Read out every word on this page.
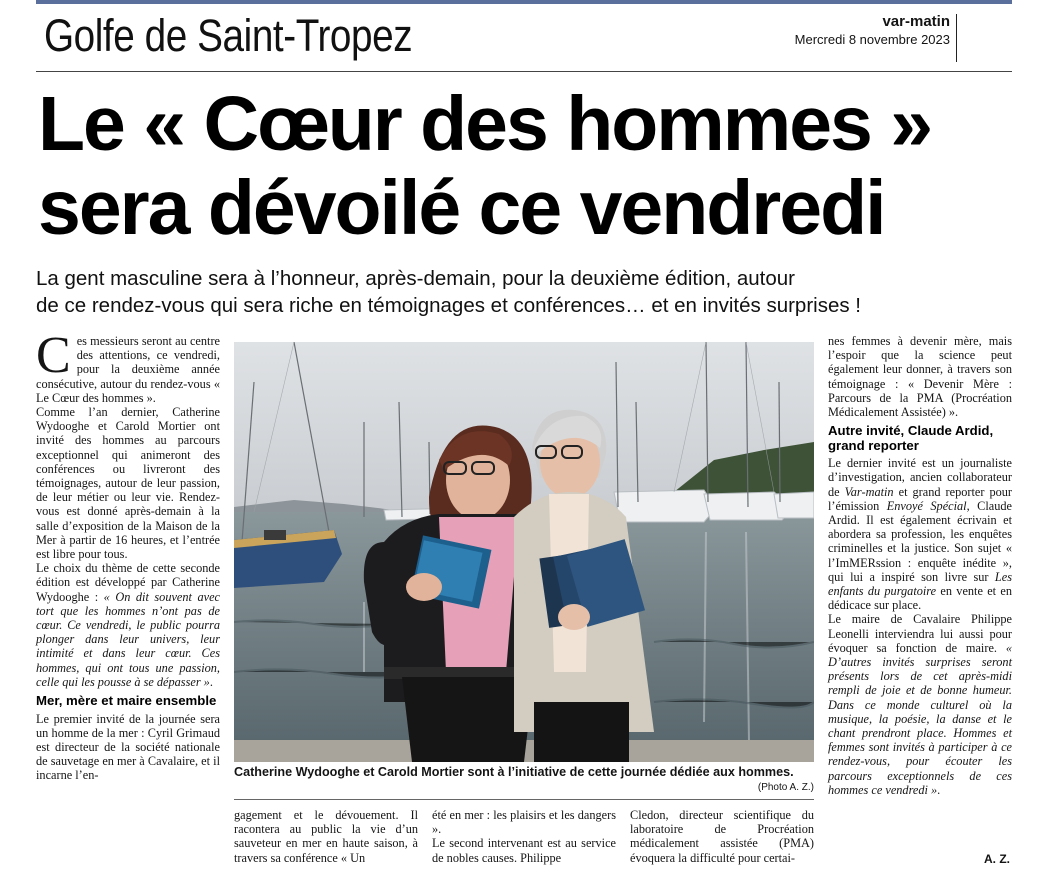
Golfe de Saint-Tropez	var-matin
Mercredi 8 novembre 2023
Le « Cœur des hommes »
sera dévoilé ce vendredi
La gent masculine sera à l’honneur, après-demain, pour la deuxième édition, autour
de ce rendez-vous qui sera riche en témoignages et conférences… et en invités surprises !

Ces messieurs seront au centre des attentions, ce vendredi, pour la deuxième année consécutive, autour du rendez-vous « Le Cœur des hommes ».

Comme l’an dernier, Catherine Wydooghe et Carold Mortier ont invité des hommes au parcours exceptionnel qui animeront des conférences ou livreront des témoignages, autour de leur passion, de leur métier ou leur vie. Rendez-vous est donné après-demain à la salle d’exposition de la Maison de la Mer à partir de 16 heures, et l’entrée est libre pour tous.

Le choix du thème de cette seconde édition est développé par Catherine Wydooghe : « On dit souvent avec tort que les hommes n’ont pas de cœur. Ce vendredi, le public pourra plonger dans leur univers, leur intimité et dans leur cœur. Ces hommes, qui ont tous une passion, celle qui les pousse à se dépasser ».

Mer, mère et maire ensemble

Le premier invité de la journée sera un homme de la mer : Cyril Grimaud est directeur de la société nationale de sauvetage en mer à Cavalaire, et il incarne l’en-	Catherine Wydooghe et Carold Mortier sont à l’initiative de cette journée dédiée aux hommes.
(Photo A. Z.)

gagement et le dévouement. Il racontera au public la vie d’un sauveteur en mer en haute saison, à travers sa conférence « Un

été en mer : les plaisirs et les dangers ».

Le second intervenant est au service de nobles causes. Philippe

Cledon, directeur scientifique du laboratoire de Procréation médicalement assistée (PMA) évoquera la difficulté pour certai-

nes femmes à devenir mère, mais l’espoir que la science peut également leur donner, à travers son témoignage : « Devenir Mère : Parcours de la PMA (Procréation Médicalement Assistée) ».

Autre invité, Claude Ardid, grand reporter

Le dernier invité est un journaliste d’investigation, ancien collaborateur de Var-matin et grand reporter pour l’émission Envoyé Spécial, Claude Ardid. Il est également écrivain et abordera sa profession, les enquêtes criminelles et la justice. Son sujet « l’ImMERssion : enquête inédite », qui lui a inspiré son livre sur Les enfants du purgatoire en vente et en dédicace sur place.

Le maire de Cavalaire Philippe Leonelli interviendra lui aussi pour évoquer sa fonction de maire. « D’autres invités surprises seront présents lors de cet après-midi rempli de joie et de bonne humeur. Dans ce monde culturel où la musique, la poésie, la danse et le chant prendront place. Hommes et femmes sont invités à participer à ce rendez-vous, pour écouter les parcours exceptionnels de ces hommes ce vendredi ».

A. Z.
